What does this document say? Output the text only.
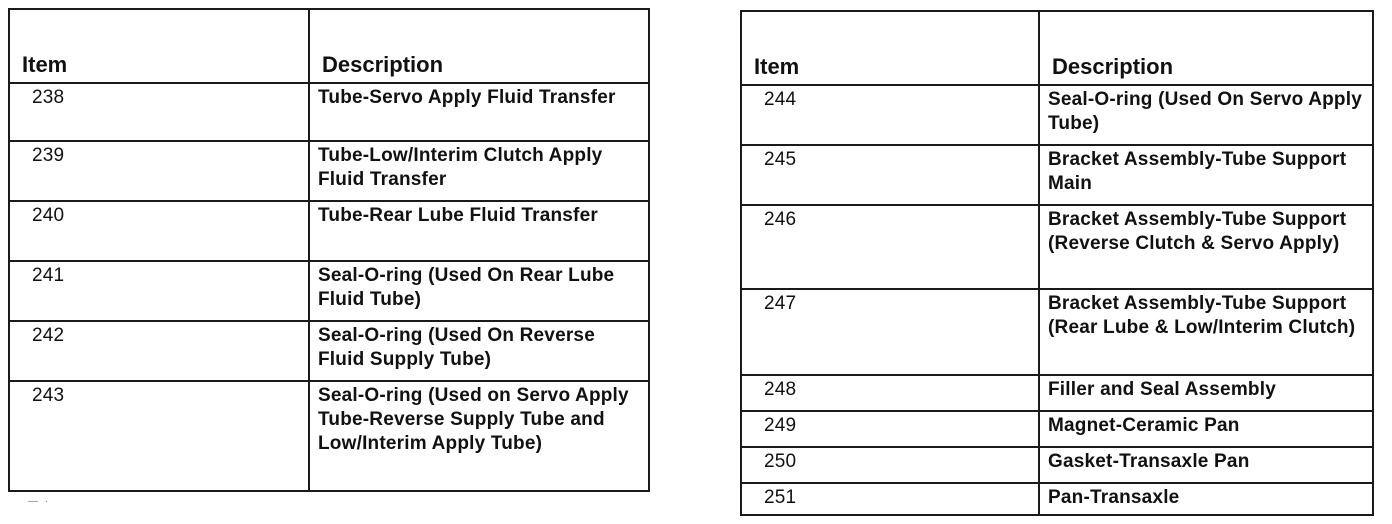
Item	Description
238	Tube-Servo Apply Fluid Transfer
239	Tube-Low/Interim Clutch Apply Fluid Transfer
240	Tube-Rear Lube Fluid Transfer
241	Seal-O-ring (Used On Rear Lube Fluid Tube)
242	Seal-O-ring (Used On Reverse Fluid Supply Tube)
243	Seal-O-ring (Used on Servo Apply Tube-Reverse Supply Tube and Low/Interim Apply Tube)
Item	Description
244	Seal-O-ring (Used On Servo Apply Tube)
245	Bracket Assembly-Tube Support Main
246	Bracket Assembly-Tube Support (Reverse Clutch & Servo Apply)
247	Bracket Assembly-Tube Support (Rear Lube & Low/Interim Clutch)
248	Filler and Seal Assembly
249	Magnet-Ceramic Pan
250	Gasket-Transaxle Pan
251	Pan-Transaxle
— ·
